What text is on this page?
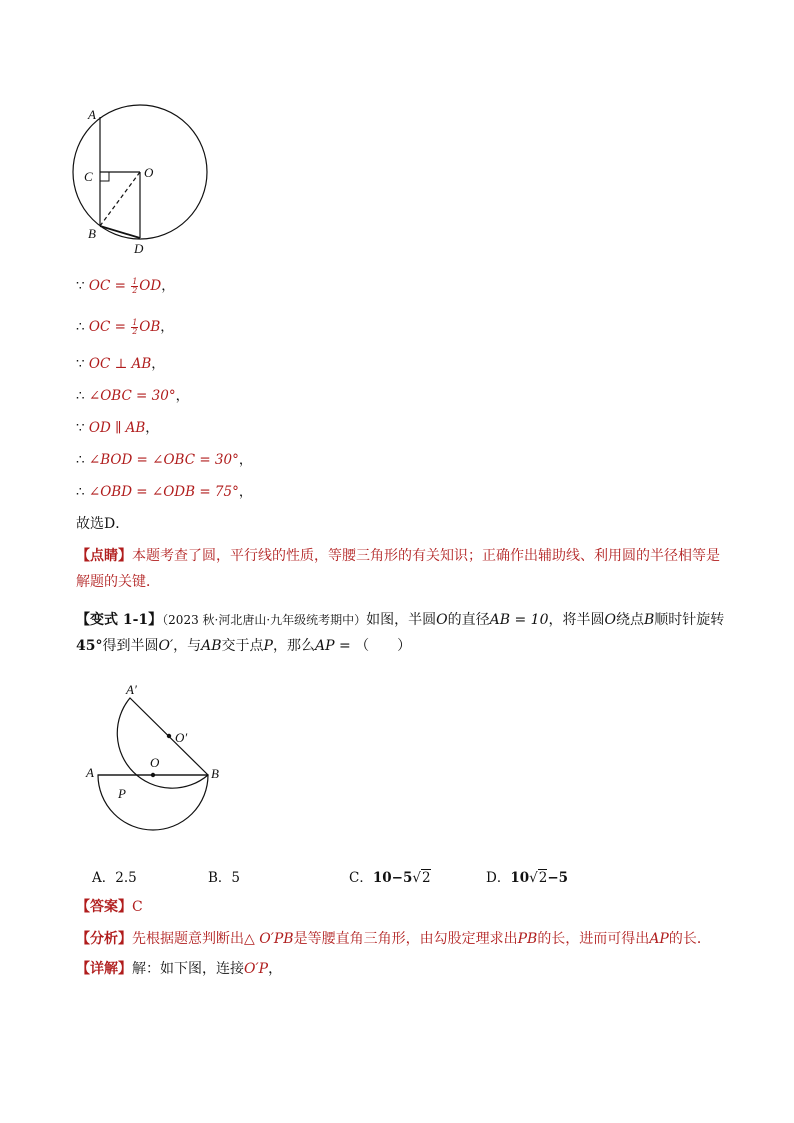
A
C	O
B
D
∵ OC = $\frac{1}{2}$ OD，
∴ OC = $\frac{1}{2}$ OB，
∵ OC ⊥ AB，
∴ ∠OBC = 30°，
∵ OD ∥ AB，
∴ ∠BOD = ∠OBC = 30°，
∴ ∠OBD = ∠ODB = 75°，
故选D．
【点睛】本题考查了圆，平行线的性质，等腰三角形的有关知识；正确作出辅助线、利用圆的半径相等是解题的关键．
【变式 1-1】（2023 秋·河北唐山·九年级统考期中）如图，半圆O的直径AB = 10，将半圆O绕点B顺时针旋转45°得到半圆O′，与AB交于点P，那么AP = （　　）
A′
O′
A
O
B
P
A．2.5	B．5	C．10−5√2	D．10√2−5
【答案】C
【分析】先根据题意判断出△ O′PB是等腰直角三角形，由勾股定理求出PB的长，进而可得出AP的长．
【详解】解：如下图，连接O′P，
